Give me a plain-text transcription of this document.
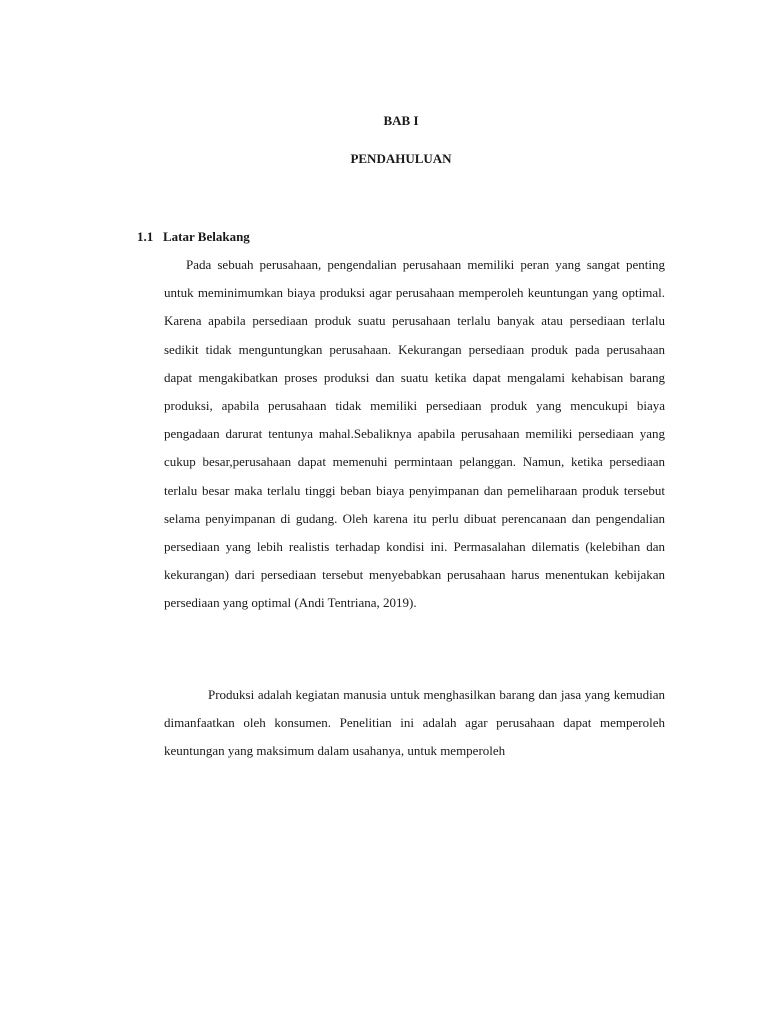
BAB I
PENDAHULUAN
1.1 Latar Belakang

Pada sebuah perusahaan, pengendalian perusahaan memiliki peran yang sangat penting untuk meminimumkan biaya produksi agar perusahaan memperoleh keuntungan yang optimal. Karena apabila persediaan produk suatu perusahaan terlalu banyak atau persediaan terlalu sedikit tidak menguntungkan perusahaan. Kekurangan persediaan produk pada perusahaan dapat mengakibatkan proses produksi dan suatu ketika dapat mengalami kehabisan barang produksi, apabila perusahaan tidak memiliki persediaan produk yang mencukupi biaya pengadaan darurat tentunya mahal.Sebaliknya apabila perusahaan memiliki persediaan yang cukup besar,perusahaan dapat memenuhi permintaan pelanggan. Namun, ketika persediaan terlalu besar maka terlalu tinggi beban biaya penyimpanan dan pemeliharaan produk tersebut selama penyimpanan di gudang. Oleh karena itu perlu dibuat perencanaan dan pengendalian persediaan yang lebih realistis terhadap kondisi ini. Permasalahan dilematis (kelebihan dan kekurangan) dari persediaan tersebut menyebabkan perusahaan harus menentukan kebijakan persediaan yang optimal (Andi Tentriana, 2019).

Produksi adalah kegiatan manusia untuk menghasilkan barang dan jasa yang kemudian dimanfaatkan oleh konsumen. Penelitian ini adalah agar perusahaan dapat memperoleh keuntungan yang maksimum dalam usahanya, untuk memperoleh
